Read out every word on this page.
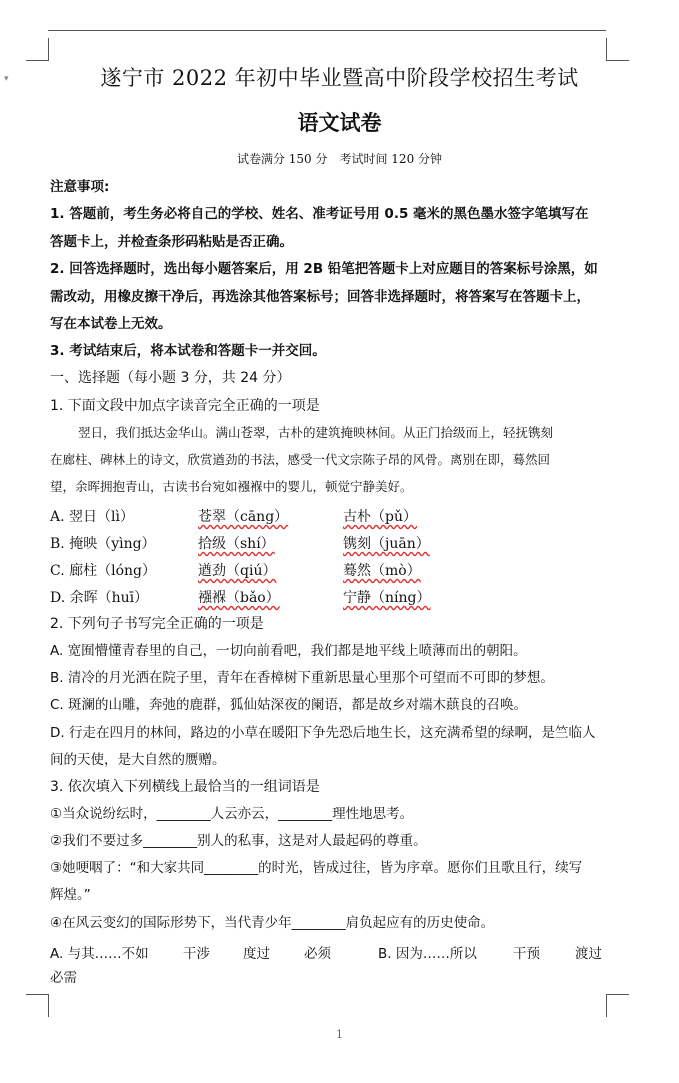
▾	遂宁市 2022 年初中毕业暨高中阶段学校招生考试
语文试卷
试卷满分 150 分　考试时间 120 分钟
注意事项:
1. 答题前，考生务必将自己的学校、姓名、准考证号用 0.5 毫米的黑色墨水签字笔填写在
答题卡上，并检查条形码粘贴是否正确。
2. 回答选择题时，选出每小题答案后，用 2B 铅笔把答题卡上对应题目的答案标号涂黑，如
需改动，用橡皮擦干净后，再选涂其他答案标号；回答非选择题时，将答案写在答题卡上，
写在本试卷上无效。
3. 考试结束后，将本试卷和答题卡一并交回。
一、选择题（每小题 3 分，共 24 分）
1. 下面文段中加点字读音完全正确的一项是
翌日，我们抵达金华山。满山苍翠，古朴的建筑掩映林间。从正门拾级而上，轻抚镌刻
在廊柱、碑林上的诗文，欣赏遒劲的书法，感受一代文宗陈子昂的风骨。离别在即，蓦然回
望，余晖拥抱青山，古读书台宛如襁褓中的婴儿，顿觉宁静美好。
A. 翌日（lì）	苍翠（cāng）	古朴（pǔ）
B. 掩映（yìng）	拾级（shí）	镌刻（juān）
C. 廊柱（lóng）	遒劲（qiú）	蓦然（mò）
D. 余晖（huī）	襁褓（bǎo）	宁静（níng）
2. 下列句子书写完全正确的一项是
A. 宽囿懵懂青春里的自己，一切向前看吧，我们都是地平线上喷薄而出的朝阳。
B. 清冷的月光洒在院子里，青年在香樟树下重新思量心里那个可望而不可即的梦想。
C. 斑澜的山雕，奔弛的鹿群，狐仙姑深夜的阑语，都是故乡对端木蕻良的召唤。
D. 行走在四月的林间，路边的小草在暖阳下争先恐后地生长，这充满希望的绿啊，是竺临人
间的天使，是大自然的赝赠。
3. 依次填入下列横线上最恰当的一组词语是
①当众说纷纭时，________人云亦云，________理性地思考。
②我们不要过多________别人的私事，这是对人最起码的尊重。
③她哽咽了：“和大家共同________的时光，皆成过往，皆为序章。愿你们且歌且行，续写
辉煌。”
④在风云变幻的国际形势下，当代青少年________肩负起应有的历史使命。
A. 与其……不如	干涉 度过	必须	B. 因为……所以	干预	渡过
必需
1
